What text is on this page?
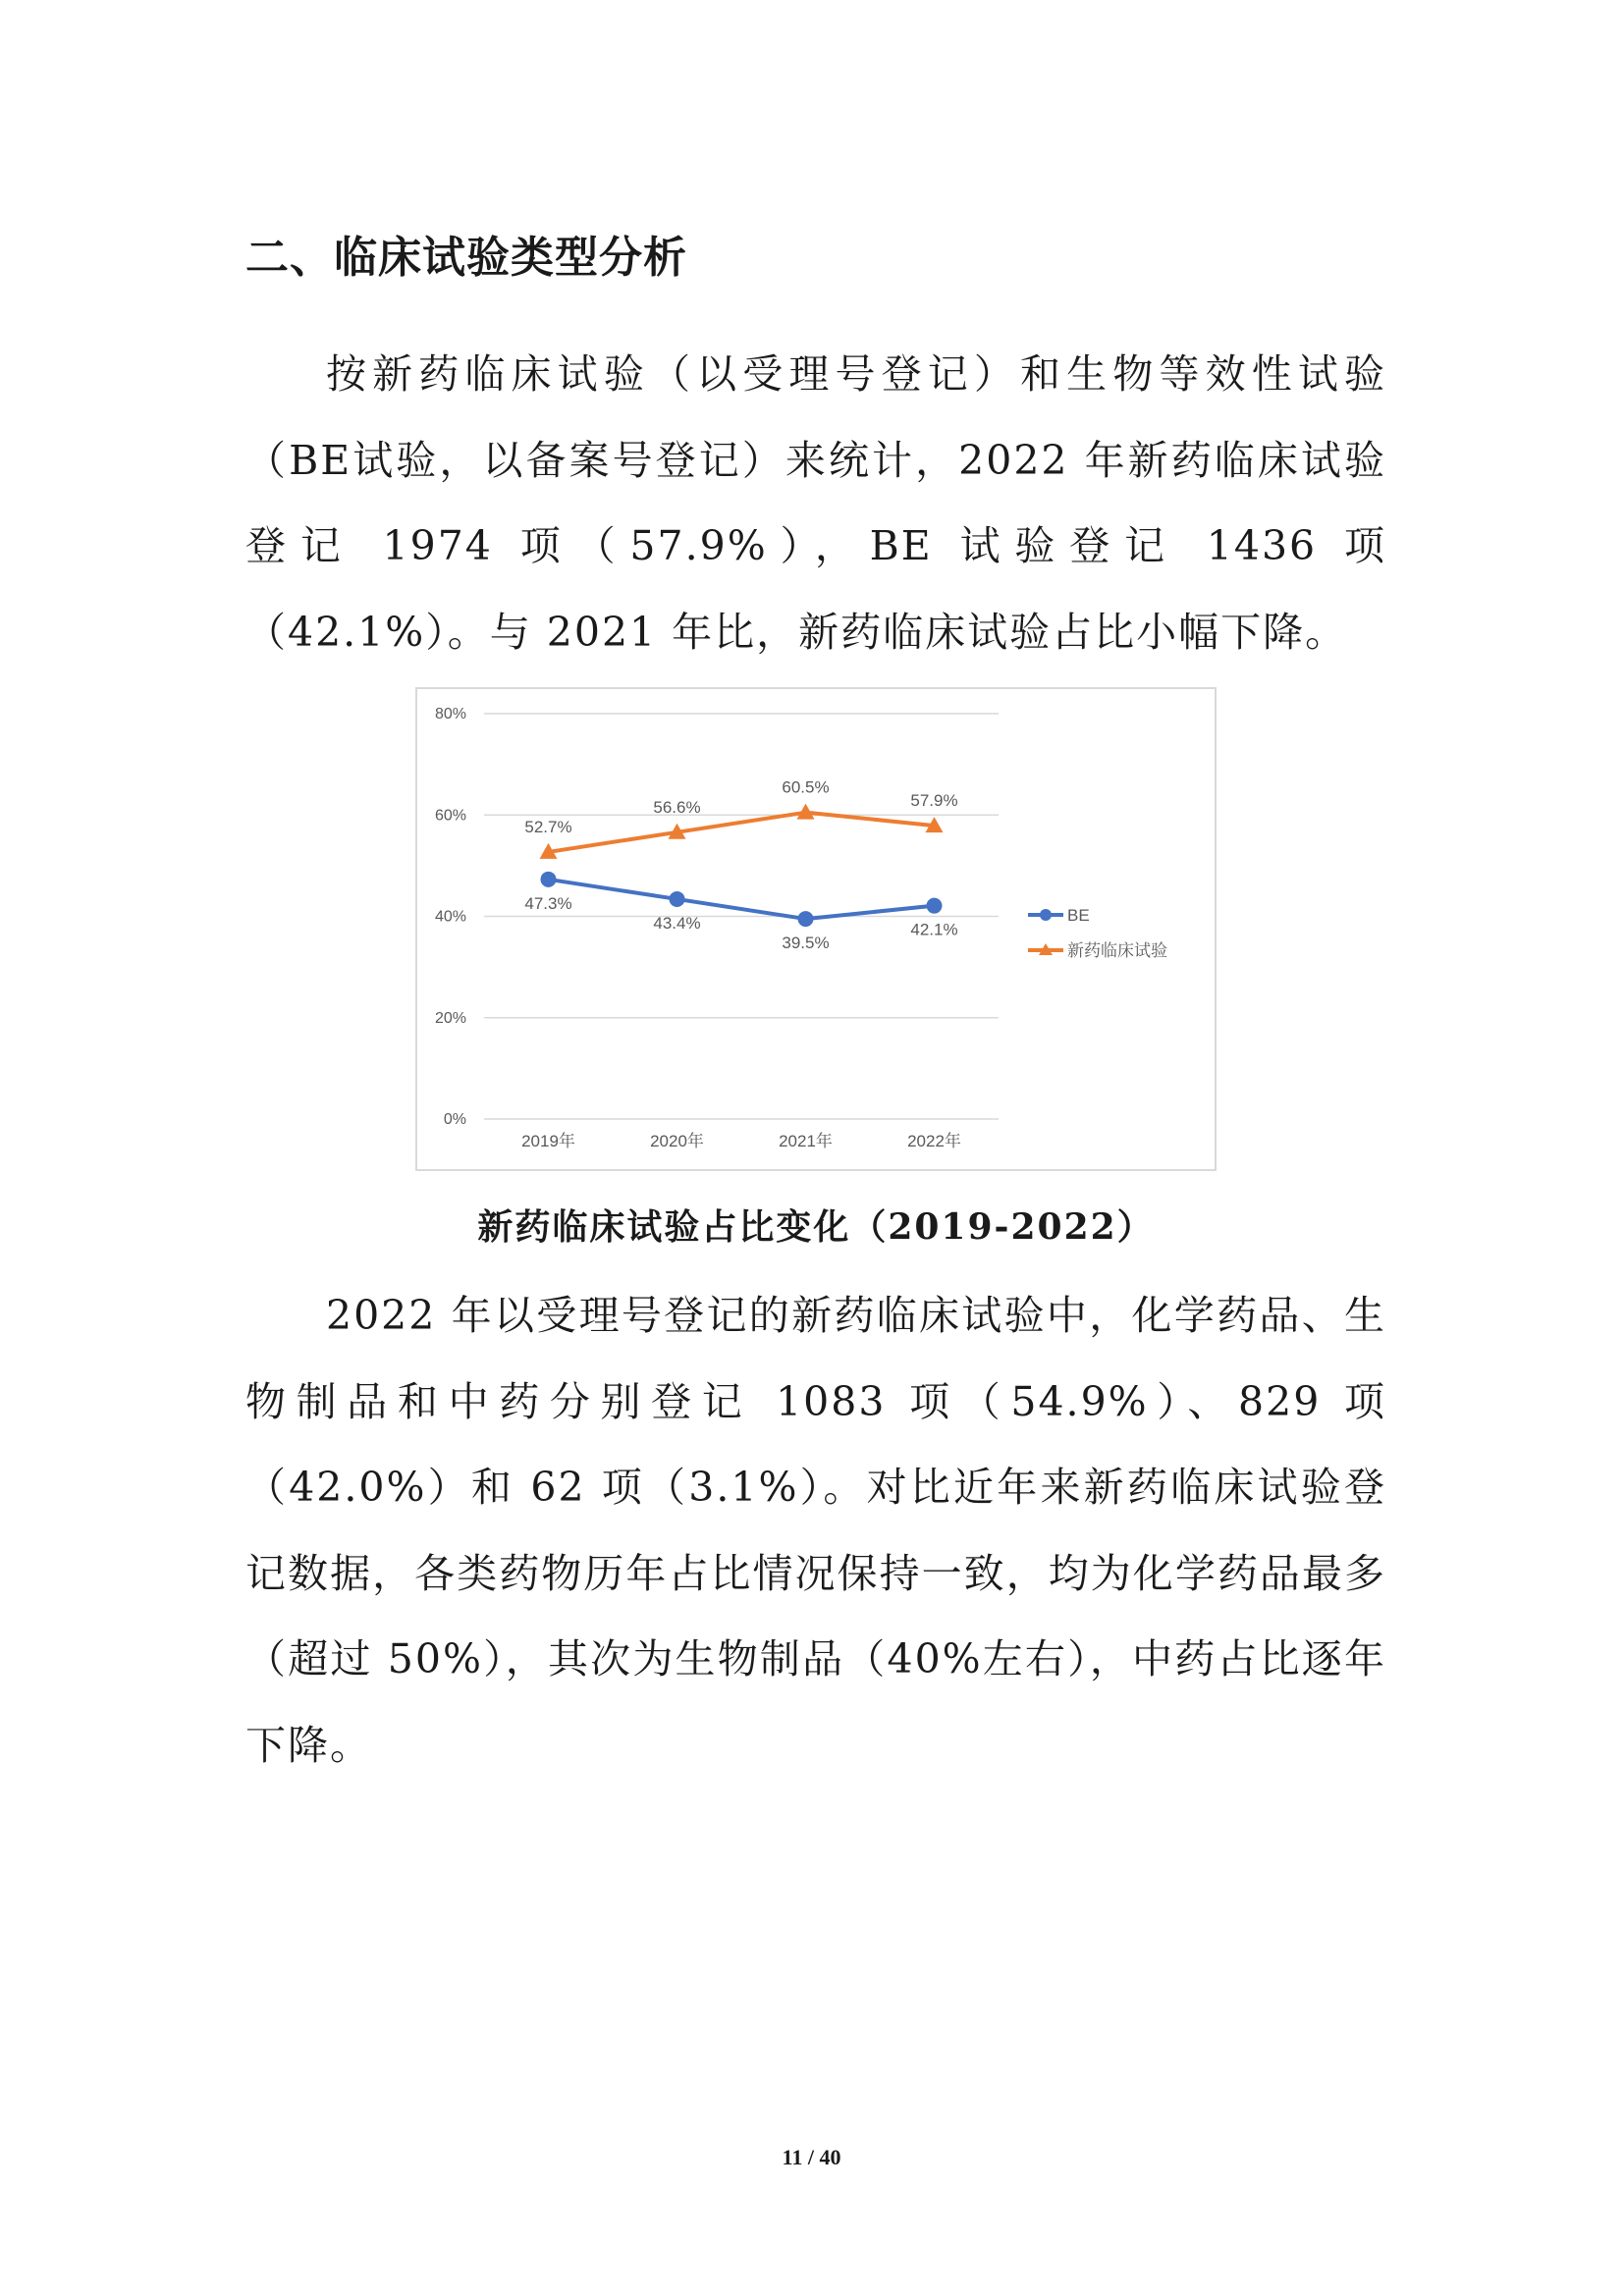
二、临床试验类型分析

按新药临床试验（以受理号登记）和生物等效性试验（BE试验，以备案号登记）来统计，2022 年新药临床试验登记 1974 项（57.9%），BE 试验登记 1436 项（42.1%）。与 2021 年比，新药临床试验占比小幅下降。

0%
20%
40%
60%
80%
2019年	2020年	2021年	2022年
47.3%
43.4%
39.5%
42.1%
52.7%
56.6%
60.5%
57.9%
BE
新药临床试验

新药临床试验占比变化（2019-2022）

2022 年以受理号登记的新药临床试验中，化学药品、生物制品和中药分别登记 1083 项（54.9%）、829 项（42.0%）和 62 项（3.1%）。对比近年来新药临床试验登记数据，各类药物历年占比情况保持一致，均为化学药品最多（超过 50%），其次为生物制品（40%左右），中药占比逐年下降。

11 / 40
